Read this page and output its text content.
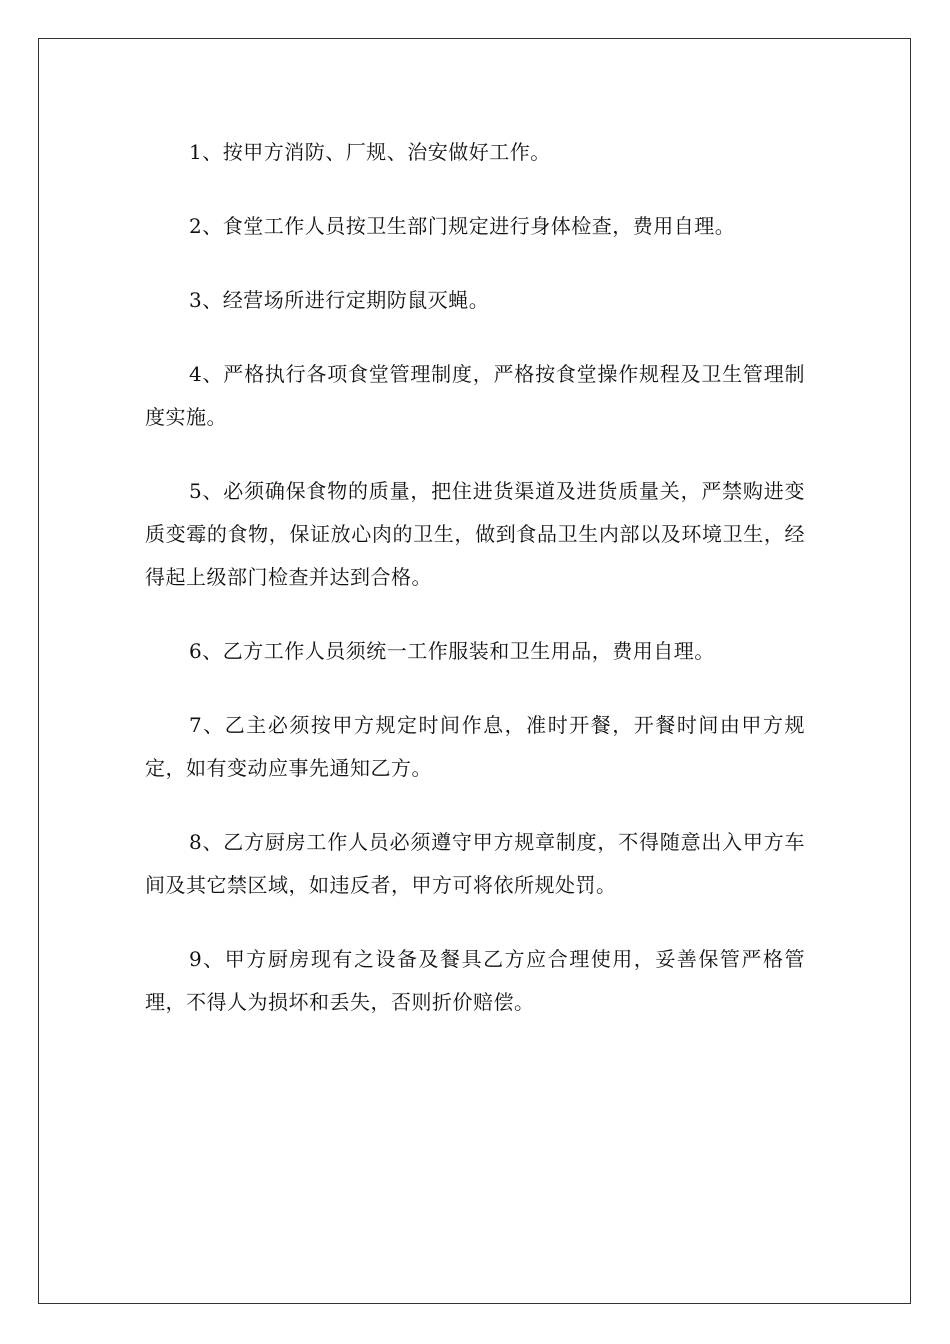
1、按甲方消防、厂规、治安做好工作。

2、食堂工作人员按卫生部门规定进行身体检查，费用自理。

3、经营场所进行定期防鼠灭蝇。

4、严格执行各项食堂管理制度，严格按食堂操作规程及卫生管理制度实施。

5、必须确保食物的质量，把住进货渠道及进货质量关，严禁购进变质变霉的食物，保证放心肉的卫生，做到食品卫生内部以及环境卫生，经得起上级部门检查并达到合格。

6、乙方工作人员须统一工作服装和卫生用品，费用自理。

7、乙主必须按甲方规定时间作息，准时开餐，开餐时间由甲方规定，如有变动应事先通知乙方。

8、乙方厨房工作人员必须遵守甲方规章制度，不得随意出入甲方车间及其它禁区域，如违反者，甲方可将依所规处罚。

9、甲方厨房现有之设备及餐具乙方应合理使用，妥善保管严格管理，不得人为损坏和丢失，否则折价赔偿。
